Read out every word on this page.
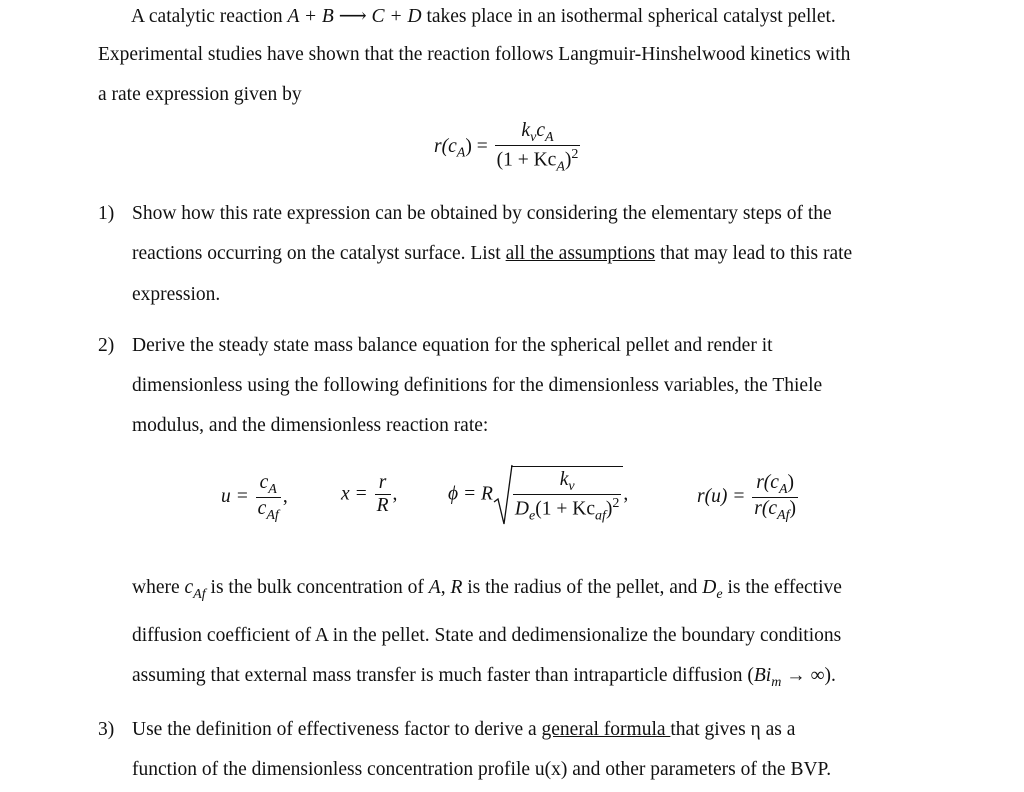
A catalytic reaction A + B ⟶ C + D takes place in an isothermal spherical catalyst pellet.
Experimental studies have shown that the reaction follows Langmuir-Hinshelwood kinetics with
a rate expression given by
$r(c_A) = \frac{k_vc_A}{(1 + Kc_A)^2}$
1) Show how this rate expression can be obtained by considering the elementary steps of the
reactions occurring on the catalyst surface. List all the assumptions that may lead to this rate
expression.
2) Derive the steady state mass balance equation for the spherical pellet and render it
dimensionless using the following definitions for the dimensionless variables, the Thiele
modulus, and the dimensionless reaction rate:
$u = \frac{c_A}{c_{Af}}$ ,	$x = \frac{r}{R}$ ,	ϕ = R $\frac{k_v}{D_e(1 + Kc_{af})^2}$ ,	$r(u) = \frac{r(c_A)}{r(c_{Af})}$
where $c_{Af}$ is the bulk concentration of A, R is the radius of the pellet, and $D_e$ is the effective
diffusion coefficient of A in the pellet. State and dedimensionalize the boundary conditions
assuming that external mass transfer is much faster than intraparticle diffusion ($Bi_m$ → ∞).
3) Use the definition of effectiveness factor to derive a general formula that gives η as a
function of the dimensionless concentration profile u(x) and other parameters of the BVP.
